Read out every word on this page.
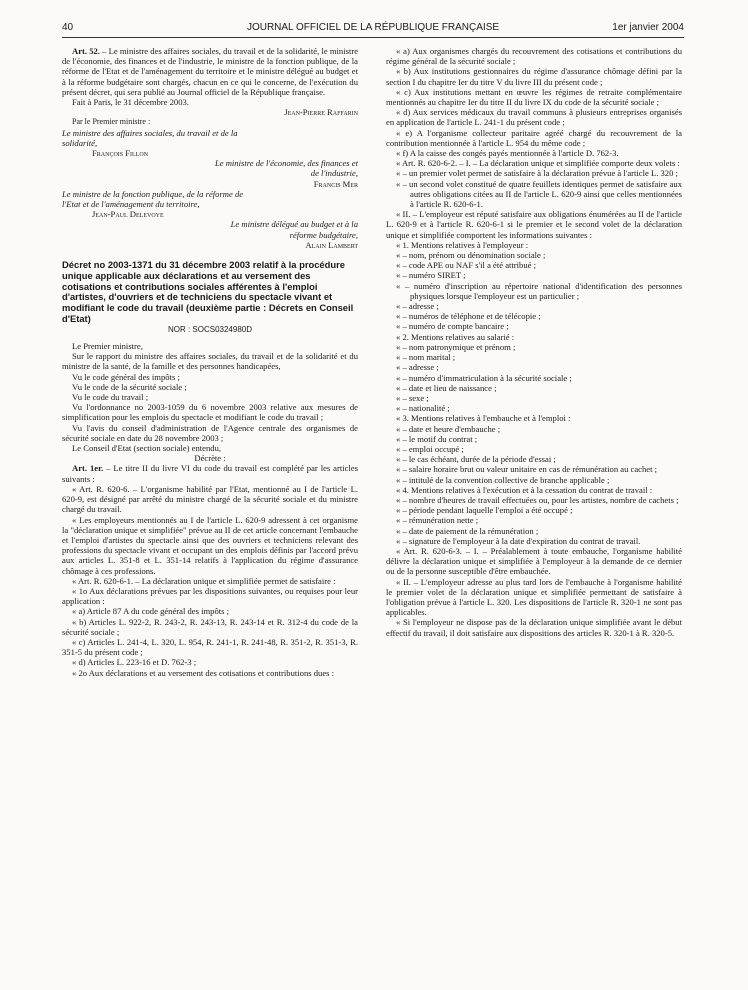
JOURNAL OFFICIEL DE LA RÉPUBLIQUE FRANÇAISE
40	1er janvier 2004

Art. 52. – Le ministre des affaires sociales, du travail et de la solidarité, le ministre de l'économie, des finances et de l'industrie, le ministre de la fonction publique, de la réforme de l'Etat et de l'aménagement du territoire et le ministre délégué au budget et à la réforme budgétaire sont chargés, chacun en ce qui le concerne, de l'exécution du présent décret, qui sera publié au Journal officiel de la République française.

Fait à Paris, le 31 décembre 2003.

Jean-Pierre Raffarin

Par le Premier ministre :

Le ministre des affaires sociales, du travail et de la solidarité,

François Fillon

Le ministre de l'économie, des finances et de l'industrie,

Francis Mer

Le ministre de la fonction publique, de la réforme de l'Etat et de l'aménagement du territoire,

Jean-Paul Delevoye

Le ministre délégué au budget et à la réforme budgétaire,

Alain Lambert

Décret no 2003-1371 du 31 décembre 2003 relatif à la procédure unique applicable aux déclarations et au versement des cotisations et contributions sociales afférentes à l'emploi d'artistes, d'ouvriers et de techniciens du spectacle vivant et modifiant le code du travail (deuxième partie : Décrets en Conseil d'Etat)

NOR : SOCS0324980D

Le Premier ministre,

Sur le rapport du ministre des affaires sociales, du travail et de la solidarité et du ministre de la santé, de la famille et des personnes handicapées,

Vu le code général des impôts ;

Vu le code de la sécurité sociale ;

Vu le code du travail ;

Vu l'ordonnance no 2003-1059 du 6 novembre 2003 relative aux mesures de simplification pour les emplois du spectacle et modifiant le code du travail ;

Vu l'avis du conseil d'administration de l'Agence centrale des organismes de sécurité sociale en date du 28 novembre 2003 ;

Le Conseil d'Etat (section sociale) entendu,

Décrète :

Art. 1er. – Le titre II du livre VI du code du travail est complété par les articles suivants :

« Art. R. 620-6. – L'organisme habilité par l'Etat, mentionné au I de l'article L. 620-9, est désigné par arrêté du ministre chargé de la sécurité sociale et du ministre chargé du travail.

« Les employeurs mentionnés au I de l'article L. 620-9 adressent à cet organisme la "déclaration unique et simplifiée" prévue au II de cet article concernant l'embauche et l'emploi d'artistes du spectacle ainsi que des ouvriers et techniciens relevant des professions du spectacle vivant et occupant un des emplois définis par l'accord prévu aux articles L. 351-8 et L. 351-14 relatifs à l'application du régime d'assurance chômage à ces professions.

« Art. R. 620-6-1. – La déclaration unique et simplifiée permet de satisfaire :

« 1o Aux déclarations prévues par les dispositions suivantes, ou requises pour leur application :

« a) Article 87 A du code général des impôts ;

« b) Articles L. 922-2, R. 243-2, R. 243-13, R. 243-14 et R. 312-4 du code de la sécurité sociale ;

« c) Articles L. 241-4, L. 320, L. 954, R. 241-1, R. 241-48, R. 351-2, R. 351-3, R. 351-5 du présent code ;

« d) Articles L. 223-16 et D. 762-3 ;

« 2o Aux déclarations et au versement des cotisations et contributions dues :

« a) Aux organismes chargés du recouvrement des cotisations et contributions du régime général de la sécurité sociale ;

« b) Aux institutions gestionnaires du régime d'assurance chômage défini par la section I du chapitre Ier du titre V du livre III du présent code ;

« c) Aux institutions mettant en œuvre les régimes de retraite complémentaire mentionnés au chapitre Ier du titre II du livre IX du code de la sécurité sociale ;

« d) Aux services médicaux du travail communs à plusieurs entreprises organisés en application de l'article L. 241-1 du présent code ;

« e) A l'organisme collecteur paritaire agréé chargé du recouvrement de la contribution mentionnée à l'article L. 954 du même code ;

« f) A la caisse des congés payés mentionnée à l'article D. 762-3.

« Art. R. 620-6-2. – I. – La déclaration unique et simplifiée comporte deux volets :

« – un premier volet permet de satisfaire à la déclaration prévue à l'article L. 320 ;

« – un second volet constitué de quatre feuillets identiques permet de satisfaire aux autres obligations citées au II de l'article L. 620-9 ainsi que celles mentionnées à l'article R. 620-6-1.

« II. – L'employeur est réputé satisfaire aux obligations énumérées au II de l'article L. 620-9 et à l'article R. 620-6-1 si le premier et le second volet de la déclaration unique et simplifiée comportent les informations suivantes :

« 1. Mentions relatives à l'employeur :

« – nom, prénom ou dénomination sociale ;

« – code APE ou NAF s'il a été attribué ;

« – numéro SIRET ;

« – numéro d'inscription au répertoire national d'identification des personnes physiques lorsque l'employeur est un particulier ;

« – adresse ;

« – numéros de téléphone et de télécopie ;

« – numéro de compte bancaire ;

« 2. Mentions relatives au salarié :

« – nom patronymique et prénom ;

« – nom marital ;

« – adresse ;

« – numéro d'immatriculation à la sécurité sociale ;

« – date et lieu de naissance ;

« – sexe ;

« – nationalité ;

« 3. Mentions relatives à l'embauche et à l'emploi :

« – date et heure d'embauche ;

« – le motif du contrat ;

« – emploi occupé ;

« – le cas échéant, durée de la période d'essai ;

« – salaire horaire brut ou valeur unitaire en cas de rémunération au cachet ;

« – intitulé de la convention collective de branche applicable ;

« 4. Mentions relatives à l'exécution et à la cessation du contrat de travail :

« – nombre d'heures de travail effectuées ou, pour les artistes, nombre de cachets ;

« – période pendant laquelle l'emploi a été occupé ;

« – rémunération nette ;

« – date de paiement de la rémunération ;

« – signature de l'employeur à la date d'expiration du contrat de travail.

« Art. R. 620-6-3. – I. – Préalablement à toute embauche, l'organisme habilité délivre la déclaration unique et simplifiée à l'employeur à la demande de ce dernier ou de la personne susceptible d'être embauchée.

« II. – L'employeur adresse au plus tard lors de l'embauche à l'organisme habilité le premier volet de la déclaration unique et simplifiée permettant de satisfaire à l'obligation prévue à l'article L. 320. Les dispositions de l'article R. 320-1 ne sont pas applicables.

« Si l'employeur ne dispose pas de la déclaration unique simplifiée avant le début effectif du travail, il doit satisfaire aux dispositions des articles R. 320-1 à R. 320-5.
